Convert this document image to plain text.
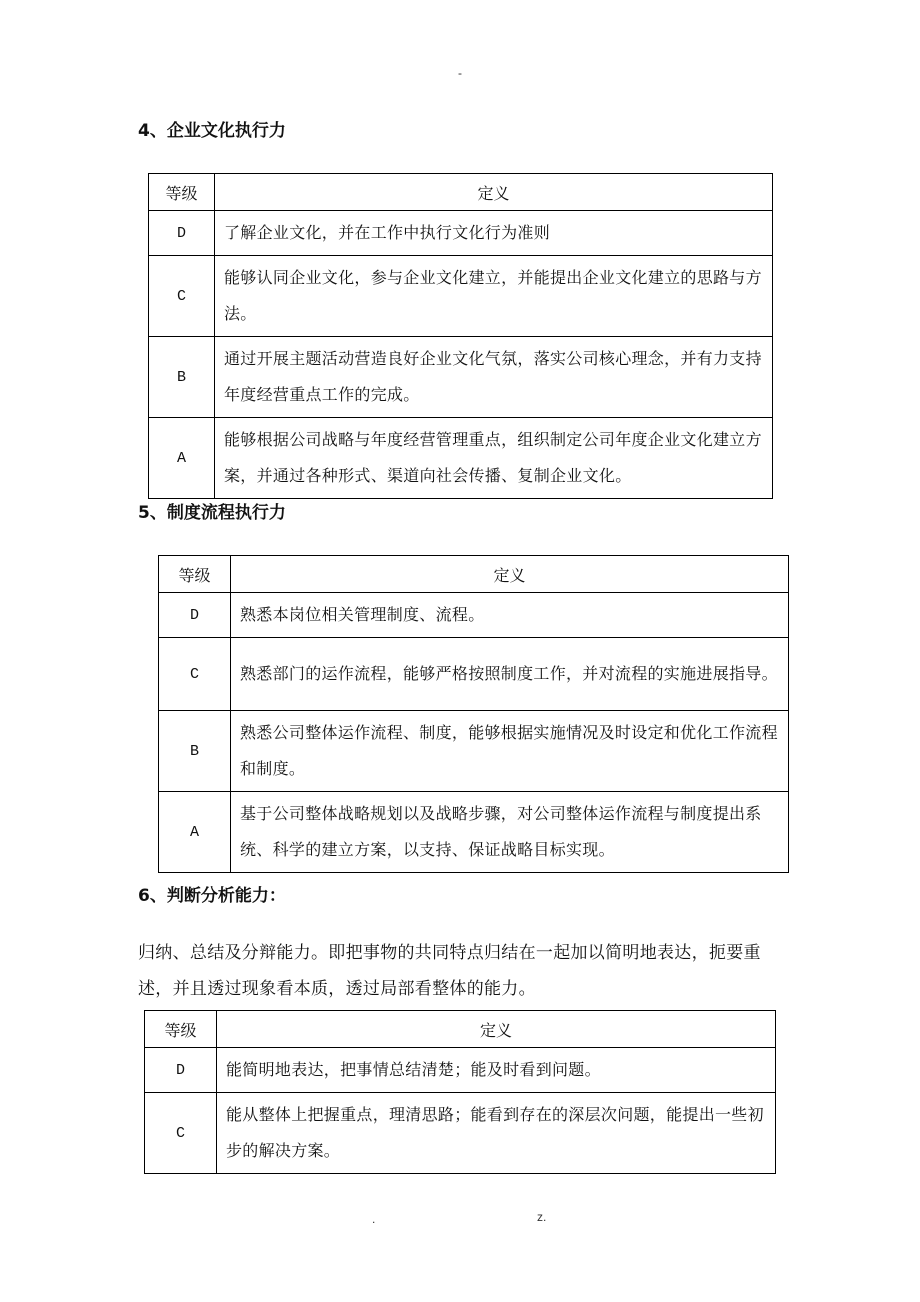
-
4、企业文化执行力
等级	定义
D	了解企业文化，并在工作中执行文化行为准则
C	能够认同企业文化，参与企业文化建立，并能提出企业文化建立的思路与方法。
B	通过开展主题活动营造良好企业文化气氛，落实公司核心理念，并有力支持年度经营重点工作的完成。
A	能够根据公司战略与年度经营管理重点，组织制定公司年度企业文化建立方案，并通过各种形式、渠道向社会传播、复制企业文化。
5、制度流程执行力
等级	定义
D	熟悉本岗位相关管理制度、流程。
C	熟悉部门的运作流程，能够严格按照制度工作，并对流程的实施进展指导。
B	熟悉公司整体运作流程、制度，能够根据实施情况及时设定和优化工作流程和制度。
A	基于公司整体战略规划以及战略步骤，对公司整体运作流程与制度提出系统、科学的建立方案，以支持、保证战略目标实现。
6、判断分析能力：
归纳、总结及分辩能力。即把事物的共同特点归结在一起加以简明地表达，扼要重述，并且透过现象看本质，透过局部看整体的能力。
等级	定义
D	能简明地表达，把事情总结清楚；能及时看到问题。
C	能从整体上把握重点，理清思路；能看到存在的深层次问题，能提出一些初步的解决方案。
.	z.
